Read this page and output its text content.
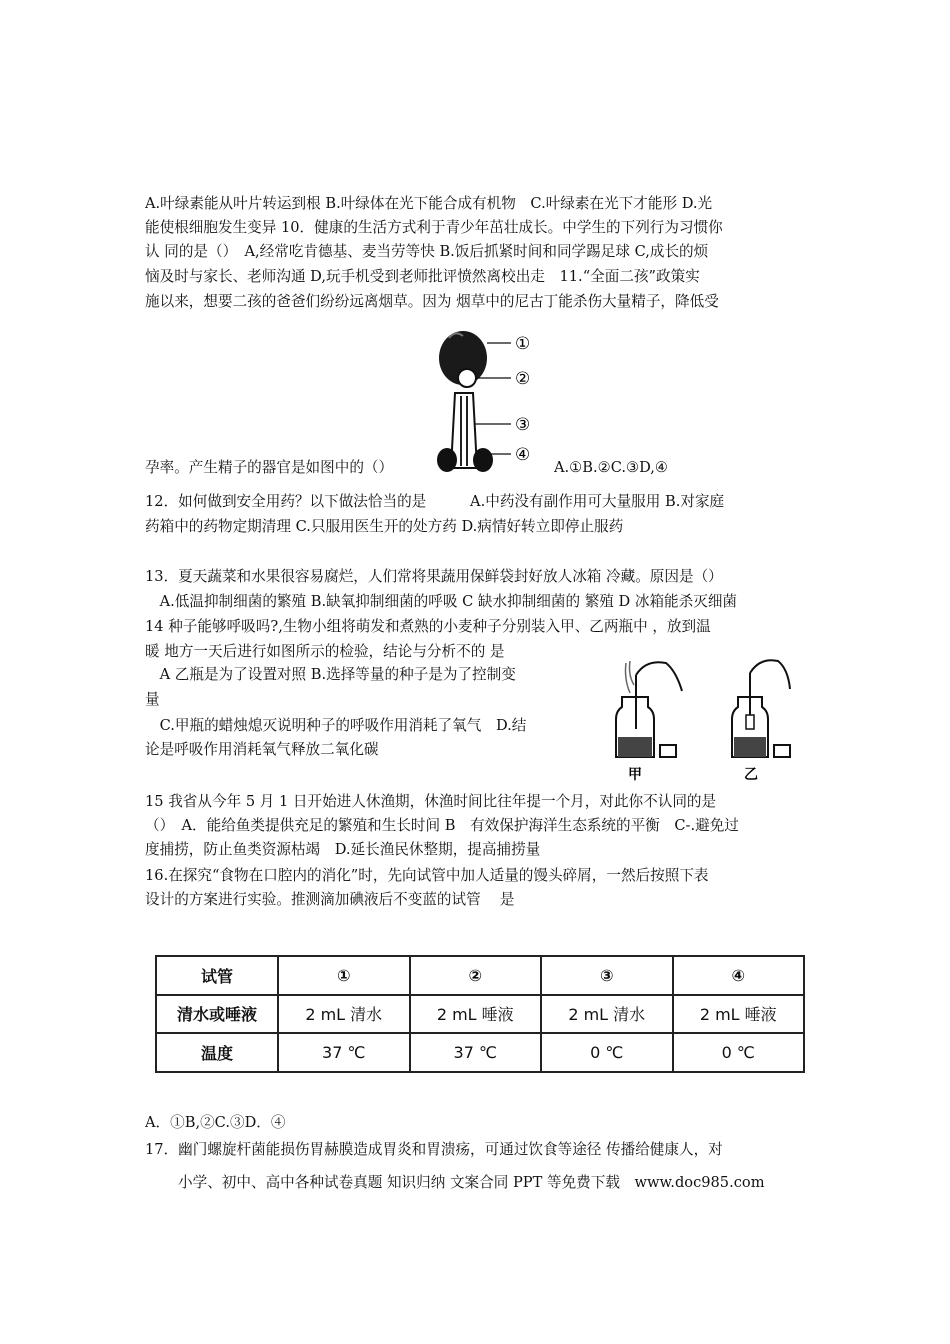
A.叶绿素能从叶片转运到根 B.叶绿体在光下能合成有机物　C.叶绿素在光下才能形 D.光
能使根细胞发生变异 10．健康的生活方式利于青少年茁壮成长。中学生的下列行为习惯你
认 同的是（）　A,经常吃肯德基、麦当劳等快 B.饭后抓紧时间和同学踢足球 C,成长的烦
恼及时与家长、老师沟通 D,玩手机受到老师批评愤然离校出走　11.“全面二孩”政策实
施以来，想要二孩的爸爸们纷纷远离烟草。因为 烟草中的尼古丁能杀伤大量精子，降低受
①
②
③
④
孕率。产生精子的器官是如图中的（）	A.①B.②C.③D,④
12．如何做到安全用药？以下做法恰当的是　　　A.中药没有副作用可大量服用 B.对家庭
药箱中的药物定期清理 C.只服用医生开的处方药 D.病情好转立即停止服药
13．夏天蔬菜和水果很容易腐烂，人们常将果蔬用保鲜袋封好放人冰箱 冷藏。原因是（）
　A.低温抑制细菌的繁殖 B.缺氧抑制细菌的呼吸 C 缺水抑制细菌的 繁殖 D 冰箱能杀灭细菌
14 种子能够呼吸吗?,生物小组将萌发和煮熟的小麦种子分别装入甲、乙两瓶中 ，放到温
暖 地方一天后进行如图所示的检验，结论与分析不的 是
　A 乙瓶是为了设置对照 B.选择等量的种子是为了控制变
量
　C.甲瓶的蜡烛熄灭说明种子的呼吸作用消耗了氧气　D.结
论是呼吸作用消耗氧气释放二氧化碳
甲	乙
15 我省从今年 5 月 1 日开始进人休渔期，休渔时间比往年提一个月，对此你不认同的是
（）　A．能给鱼类提供充足的繁殖和生长时间 B　有效保护海洋生态系统的平衡　C-.避免过
度捕捞，防止鱼类资源枯竭　D.延长渔民休整期，提高捕捞量
16.在探究“食物在口腔内的消化”时，先向试管中加人适量的馒头碎屑，一然后按照下表
设计的方案进行实验。推测滴加碘液后不变蓝的试管　 是
试管	①	②	③	④
清水或唾液	2 mL 清水	2 mL 唾液	2 mL 清水	2 mL 唾液
温度	37 ℃	37 ℃	0 ℃	0 ℃
A．①B,②C.③D．④
17．幽门螺旋杆菌能损伤胃赫膜造成胃炎和胃溃疡，可通过饮食等途径 传播给健康人，对
小学、初中、高中各种试卷真题 知识归纳 文案合同 PPT 等免费下载　www.doc985.com
